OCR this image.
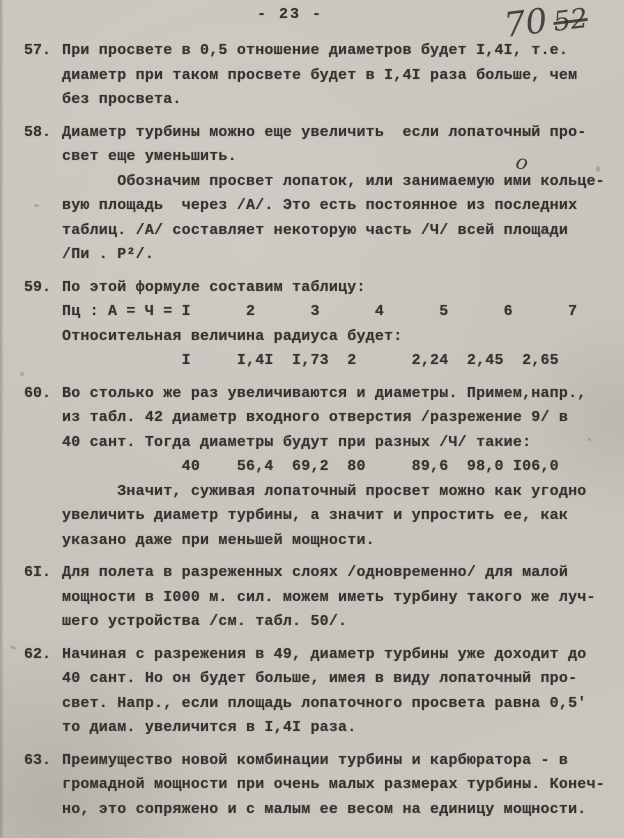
- 23 -	7052
57. При просвете в 0,5 отношение диаметров будет I,4I, т.е.
диаметр при таком просвете будет в I,4I раза больше, чем
без просвета.
58. Диаметр турбины можно еще увеличить  если лопаточный про-
свет еще уменьшить.
Обозначим просвет лопаток, или занимаемую ими кольце-
вую площадь  через /А/. Это есть постоянное из последних
таблиц. /А/ составляет некоторую часть /Ч/ всей площади
/Пи . Р²/.
59. По этой формуле составим таблицу:
Пц : А = Ч = I      2      3      4      5      6      7
Относительная величина радиуса будет:
I     I,4I  I,73  2      2,24  2,45  2,65
60. Во столько же раз увеличиваются и диаметры. Примем,напр.,
из табл. 42 диаметр входного отверстия /разрежение 9/ в
40 сант. Тогда диаметры будут при разных /Ч/ такие:
40    56,4  69,2  80     89,6  98,0 I06,0
Значит, суживая лопаточный просвет можно как угодно
увеличить диаметр турбины, а значит и упростить ее, как
указано даже при меньшей мощности.
6I. Для полета в разреженных слоях /одновременно/ для малой
мощности в I000 м. сил. можем иметь турбину такого же луч-
шего устройства /см. табл. 50/.
62. Начиная с разрежения в 49, диаметр турбины уже доходит до
40 сант. Но он будет больше, имея в виду лопаточный про-
свет. Напр., если площадь лопаточного просвета равна 0,5'
то диам. увеличится в I,4I раза.
63. Преимущество новой комбинации турбины и карбюратора - в
громадной мощности при очень малых размерах турбины. Конеч-
но, это сопряжено и с малым ее весом на единицу мощности.
о
